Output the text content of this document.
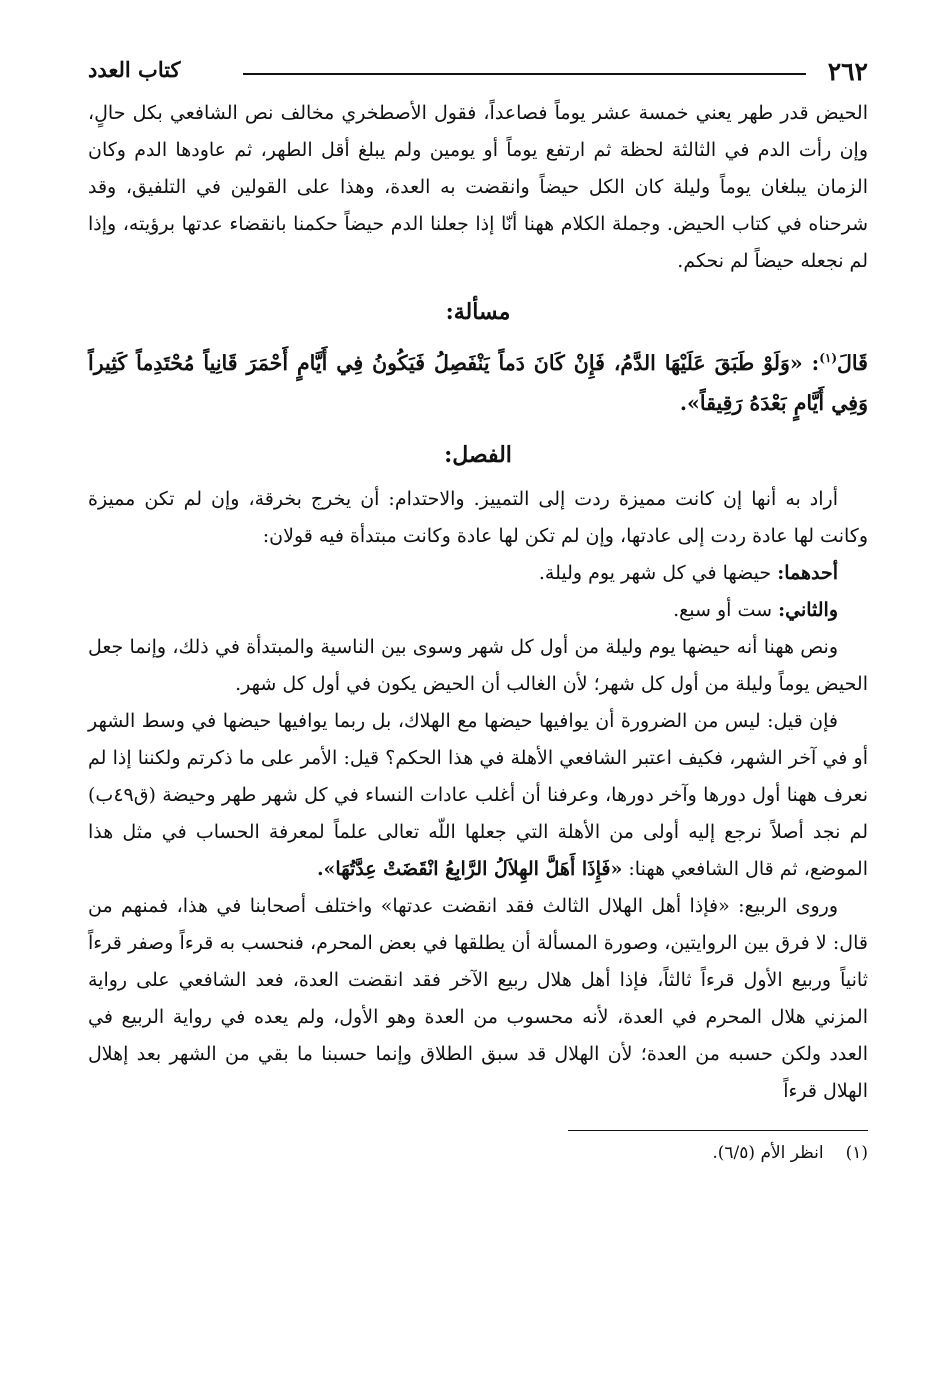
٢٦٢
كتاب العدد

الحيض قدر طهر يعني خمسة عشر يوماً فصاعداً، فقول الأصطخري مخالف نص الشافعي بكل حالٍ، وإن رأت الدم في الثالثة لحظة ثم ارتفع يوماً أو يومين ولم يبلغ أقل الطهر، ثم عاودها الدم وكان الزمان يبلغان يوماً وليلة كان الكل حيضاً وانقضت به العدة، وهذا على القولين في التلفيق، وقد شرحناه في كتاب الحيض. وجملة الكلام ههنا أنّا إذا جعلنا الدم حيضاً حكمنا بانقضاء عدتها برؤيته، وإذا لم نجعله حيضاً لم نحكم.

مسألة:

قَالَ$^{(١)}$: «وَلَوْ طَبَقَ عَلَيْهَا الدَّمُ، فَإِنْ كَانَ دَماً يَنْفَصِلُ فَيَكُونُ فِي أَيَّامٍ أَحْمَرَ قَانِياً مُحْتَدِماً كَثِيراً وَفِي أَيَّامٍ بَعْدَهُ رَقِيقاً».

الفصل:

أراد به أنها إن كانت مميزة ردت إلى التمييز. والاحتدام: أن يخرج بخرقة، وإن لم تكن مميزة وكانت لها عادة ردت إلى عادتها، وإن لم تكن لها عادة وكانت مبتدأة فيه قولان:

أحدهما: حيضها في كل شهر يوم وليلة.

والثاني: ست أو سبع.

ونص ههنا أنه حيضها يوم وليلة من أول كل شهر وسوى بين الناسية والمبتدأة في ذلك، وإنما جعل الحيض يوماً وليلة من أول كل شهر؛ لأن الغالب أن الحيض يكون في أول كل شهر.

فإن قيل: ليس من الضرورة أن يوافيها حيضها مع الهلاك، بل ربما يوافيها حيضها في وسط الشهر أو في آخر الشهر، فكيف اعتبر الشافعي الأهلة في هذا الحكم؟ قيل: الأمر على ما ذكرتم ولكننا إذا لم نعرف ههنا أول دورها وآخر دورها، وعرفنا أن أغلب عادات النساء في كل شهر طهر وحيضة (ق٤٩ب) لم نجد أصلاً نرجع إليه أولى من الأهلة التي جعلها اللّه تعالى علماً لمعرفة الحساب في مثل هذا الموضع، ثم قال الشافعي ههنا: «فَإِذَا أَهَلَّ الهِلاَلُ الرَّابِعُ انْقَضَتْ عِدَّتُهَا».

وروى الربيع: «فإذا أهل الهلال الثالث فقد انقضت عدتها» واختلف أصحابنا في هذا، فمنهم من قال: لا فرق بين الروايتين، وصورة المسألة أن يطلقها في بعض المحرم، فنحسب به قرءاً وصفر قرءاً ثانياً وربيع الأول قرءاً ثالثاً، فإذا أهل هلال ربيع الآخر فقد انقضت العدة، فعد الشافعي على رواية المزني هلال المحرم في العدة، لأنه محسوب من العدة وهو الأول، ولم يعده في رواية الربيع في العدد ولكن حسبه من العدة؛ لأن الهلال قد سبق الطلاق وإنما حسبنا ما بقي من الشهر بعد إهلال الهلال قرءاً

(١)انظر الأم (٦/٥).
